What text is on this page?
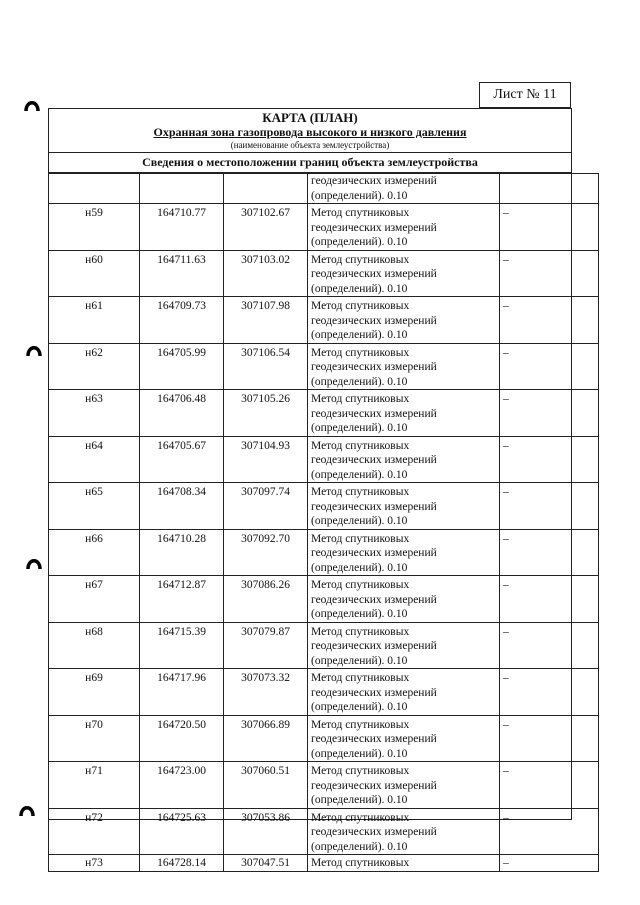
Лист № 11
КАРТА (ПЛАН)
Охранная зона газопровода высокого и низкого давления
(наименование объекта землеустройства)
Сведения о местоположении границ объекта землеустройства

			геодезических измерений
(определений). 0.10	

н59	164710.77	307102.67	Метод спутниковых
геодезических измерений
(определений). 0.10	–
н60	164711.63	307103.02	Метод спутниковых
геодезических измерений
(определений). 0.10	–
н61	164709.73	307107.98	Метод спутниковых
геодезических измерений
(определений). 0.10	–
н62	164705.99	307106.54	Метод спутниковых
геодезических измерений
(определений). 0.10	–
н63	164706.48	307105.26	Метод спутниковых
геодезических измерений
(определений). 0.10	–
н64	164705.67	307104.93	Метод спутниковых
геодезических измерений
(определений). 0.10	–
н65	164708.34	307097.74	Метод спутниковых
геодезических измерений
(определений). 0.10	–
н66	164710.28	307092.70	Метод спутниковых
геодезических измерений
(определений). 0.10	–
н67	164712.87	307086.26	Метод спутниковых
геодезических измерений
(определений). 0.10	–
н68	164715.39	307079.87	Метод спутниковых
геодезических измерений
(определений). 0.10	–
н69	164717.96	307073.32	Метод спутниковых
геодезических измерений
(определений). 0.10	–
н70	164720.50	307066.89	Метод спутниковых
геодезических измерений
(определений). 0.10	–
н71	164723.00	307060.51	Метод спутниковых
геодезических измерений
(определений). 0.10	–
н72	164725.63	307053.86	Метод спутниковых
геодезических измерений
(определений). 0.10	–
н73	164728.14	307047.51	Метод спутниковых	–
